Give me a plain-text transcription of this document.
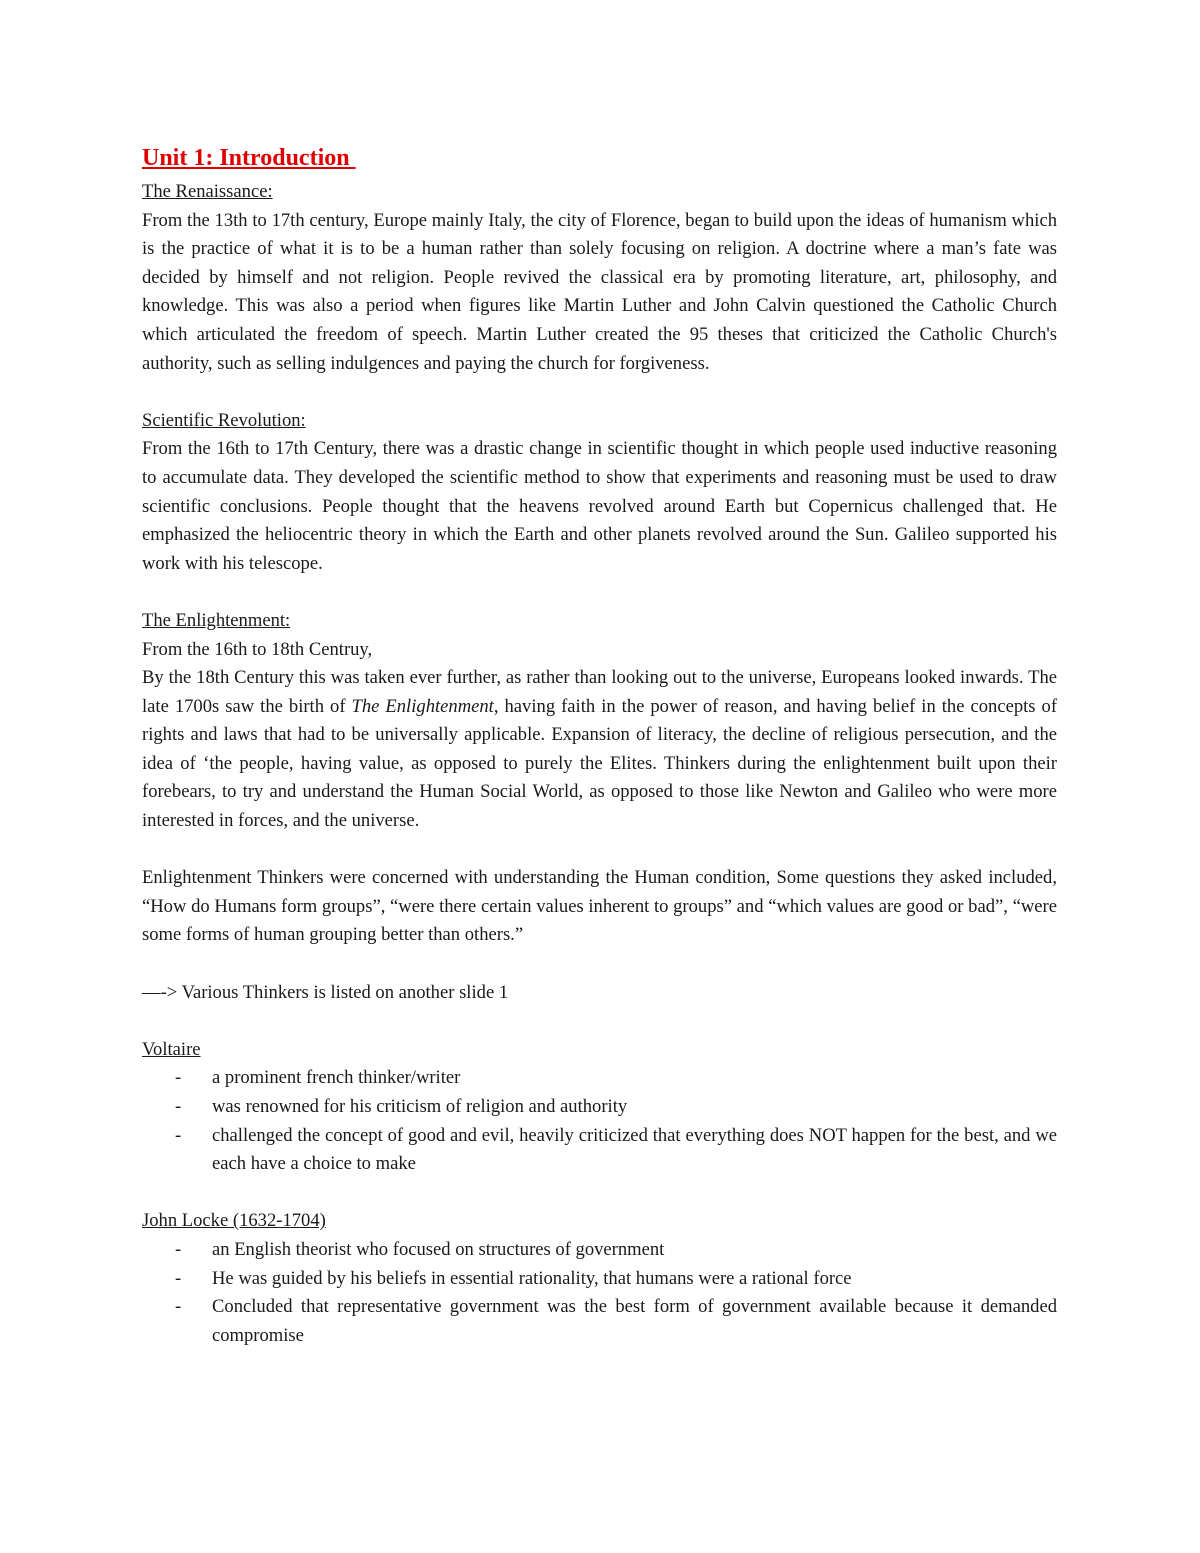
Unit 1: Introduction

The Renaissance:

From the 13th to 17th century, Europe mainly Italy, the city of Florence, began to build upon the ideas of humanism which is the practice of what it is to be a human rather than solely focusing on religion. A doctrine where a man’s fate was decided by himself and not religion. People revived the classical era by promoting literature, art, philosophy, and knowledge. This was also a period when figures like Martin Luther and John Calvin questioned the Catholic Church which articulated the freedom of speech. Martin Luther created the 95 theses that criticized the Catholic Church's authority, such as selling indulgences and paying the church for forgiveness.

Scientific Revolution:

From the 16th to 17th Century, there was a drastic change in scientific thought in which people used inductive reasoning to accumulate data. They developed the scientific method to show that experiments and reasoning must be used to draw scientific conclusions. People thought that the heavens revolved around Earth but Copernicus challenged that. He emphasized the heliocentric theory in which the Earth and other planets revolved around the Sun. Galileo supported his work with his telescope.

The Enlightenment:

From the 16th to 18th Centruy,

By the 18th Century this was taken ever further, as rather than looking out to the universe, Europeans looked inwards. The late 1700s saw the birth of The Enlightenment, having faith in the power of reason, and having belief in the concepts of rights and laws that had to be universally applicable. Expansion of literacy, the decline of religious persecution, and the idea of ‘the people, having value, as opposed to purely the Elites. Thinkers during the enlightenment built upon their forebears, to try and understand the Human Social World, as opposed to those like Newton and Galileo who were more interested in forces, and the universe.

Enlightenment Thinkers were concerned with understanding the Human condition, Some questions they asked included, “How do Humans form groups”, “were there certain values inherent to groups” and “which values are good or bad”, “were some forms of human grouping better than others.”

—-> Various Thinkers is listed on another slide 1

Voltaire

- a prominent french thinker/writer
- was renowned for his criticism of religion and authority
- challenged the concept of good and evil, heavily criticized that everything does NOT happen for the best, and we each have a choice to make

John Locke (1632-1704)

- an English theorist who focused on structures of government
- He was guided by his beliefs in essential rationality, that humans were a rational force
- Concluded that representative government was the best form of government available because it demanded compromise
